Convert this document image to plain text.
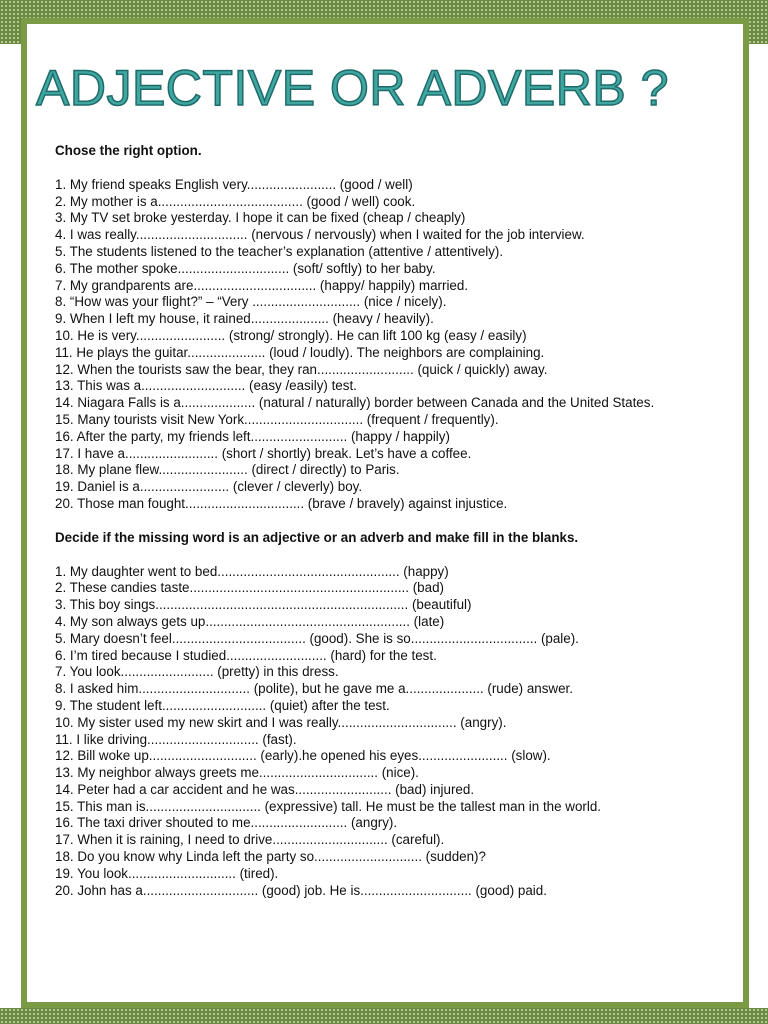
ADJECTIVE OR ADVERB ?

Chose the right option.

1. My friend speaks English very........................ (good / well)
2. My mother is a....................................... (good / well) cook.
3. My TV set broke yesterday. I hope it can be fixed (cheap / cheaply)
4. I was really.............................. (nervous / nervously) when I waited for the job interview.
5. The students listened to the teacher’s explanation (attentive / attentively).
6. The mother spoke.............................. (soft/ softly) to her baby.
7. My grandparents are................................. (happy/ happily) married.
8. “How was your flight?” – “Very ............................. (nice / nicely).
9. When I left my house, it rained..................... (heavy / heavily).
10. He is very........................ (strong/ strongly). He can lift 100 kg (easy / easily)
11. He plays the guitar..................... (loud / loudly). The neighbors are complaining.
12. When the tourists saw the bear, they ran.......................... (quick / quickly) away.
13. This was a............................ (easy /easily) test.
14. Niagara Falls is a.................... (natural / naturally) border between Canada and the United States.
15. Many tourists visit New York................................ (frequent / frequently).
16. After the party, my friends left.......................... (happy / happily)
17. I have a......................... (short / shortly) break. Let’s have a coffee.
18. My plane flew........................ (direct / directly) to Paris.
19. Daniel is a........................ (clever / cleverly) boy.
20. Those man fought................................ (brave / bravely) against injustice.

Decide if the missing word is an adjective or an adverb and make fill in the blanks.

1. My daughter went to bed................................................. (happy)
2. These candies taste........................................................... (bad)
3. This boy sings.................................................................... (beautiful)
4. My son always gets up....................................................... (late)
5. Mary doesn’t feel.................................... (good). She is so.................................. (pale).
6. I’m tired because I studied........................... (hard) for the test.
7. You look......................... (pretty) in this dress.
8. I asked him.............................. (polite), but he gave me a..................... (rude) answer.
9. The student left............................ (quiet) after the test.
10. My sister used my new skirt and I was really................................ (angry).
11. I like driving.............................. (fast).
12. Bill woke up............................. (early).he opened his eyes........................ (slow).
13. My neighbor always greets me................................ (nice).
14. Peter had a car accident and he was.......................... (bad) injured.
15. This man is............................... (expressive) tall. He must be the tallest man in the world.
16. The taxi driver shouted to me.......................... (angry).
17. When it is raining, I need to drive............................... (careful).
18. Do you know why Linda left the party so............................. (sudden)?
19. You look............................. (tired).
20. John has a............................... (good) job. He is.............................. (good) paid.
